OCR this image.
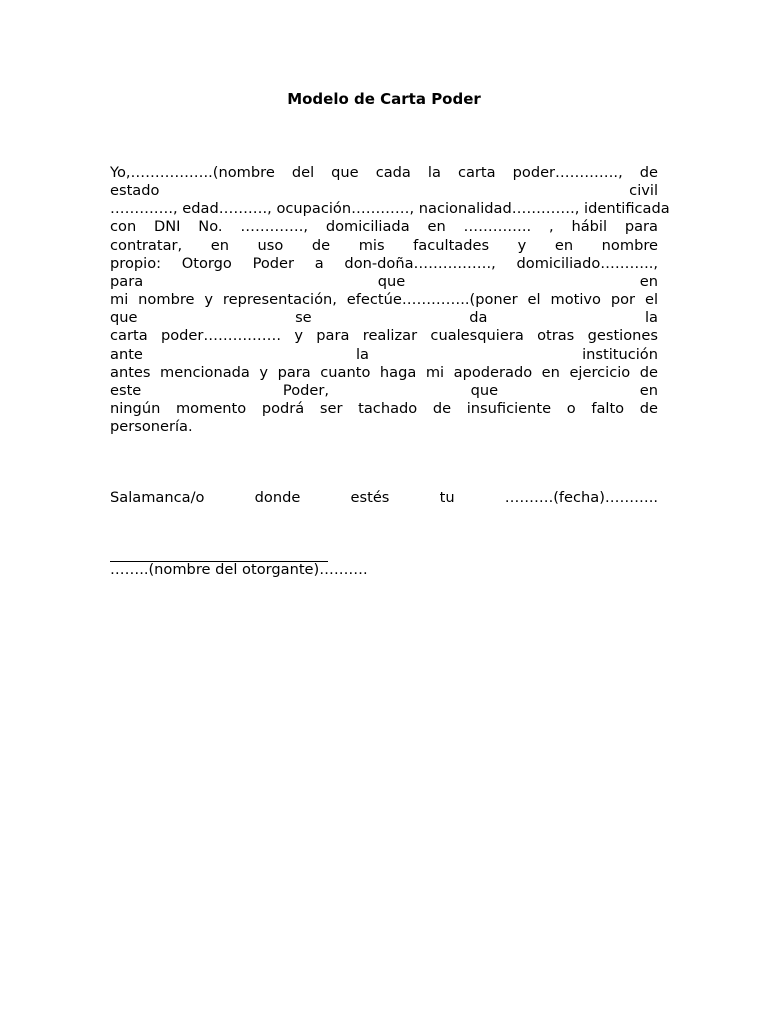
Modelo de Carta Poder
Yo,……………..(nombre del que cada la carta poder…………., de
estado civil
…………., edad………., ocupación…………, nacionalidad…………., identificada
con DNI No. …………., domiciliada en ………….. , hábil para
contratar, en uso de mis facultades y en nombre
propio: Otorgo Poder a don-doña……………., domiciliado………..,
para que en
mi nombre y representación, efectúe…………..(poner el motivo por el
que se da la
carta poder……………. y para realizar cualesquiera otras gestiones
ante la institución
antes mencionada y para cuanto haga mi apoderado en ejercicio de
este Poder, que en
ningún momento podrá ser tachado de insuficiente o falto de
personería.
Salamanca/o donde estés tu ……….(fecha)………..
……..(nombre del otorgante)……….
